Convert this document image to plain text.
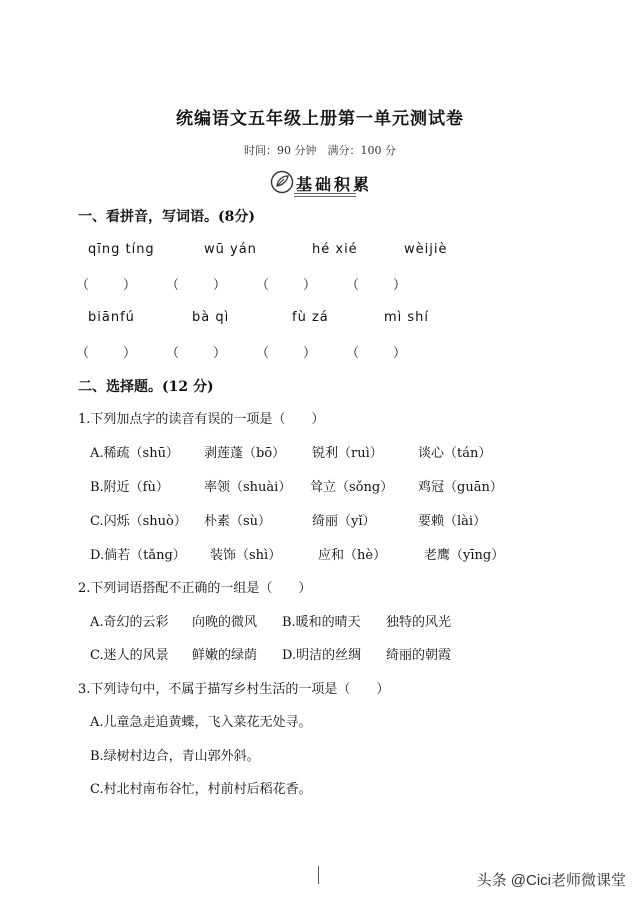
统编语文五年级上册第一单元测试卷
时间：90 分钟　满分：100 分
基础积累
一、看拼音，写词语。(8分)
qīng tíng	wū yán	hé xié	wèijiè
（	） （	） （	） （	）
biānfú	bà qì	fù zá	mì shí
（	） （	） （	） （	）
二、选择题。(12 分)
1.下列加点字的读音有误的一项是（　　）
A.稀疏（shū） 剥莲蓬（bō） 锐利（ruì）	谈心（tán）
B.附近（fù）	率领（shuài） 耸立（sǒng） 鸡冠（guān）
C.闪烁（shuò） 朴素（sù）	绮丽（yǐ）	要赖（lài）
D.倘若（tǎng） 装饰（shì）	应和（hè）	老鹰（yīng）
2.下列词语搭配不正确的一组是（　　）
A.奇幻的云彩 向晚的微风 B.暖和的晴天 独特的风光
C.迷人的风景 鲜嫩的绿荫 D.明洁的丝绸 绮丽的朝霞
3.下列诗句中，不属于描写乡村生活的一项是（　　）
A.儿童急走追黄蝶，飞入菜花无处寻。
B.绿树村边合，青山郭外斜。
C.村北村南布谷忙，村前村后稻花香。
头条 @Cici老师微课堂
